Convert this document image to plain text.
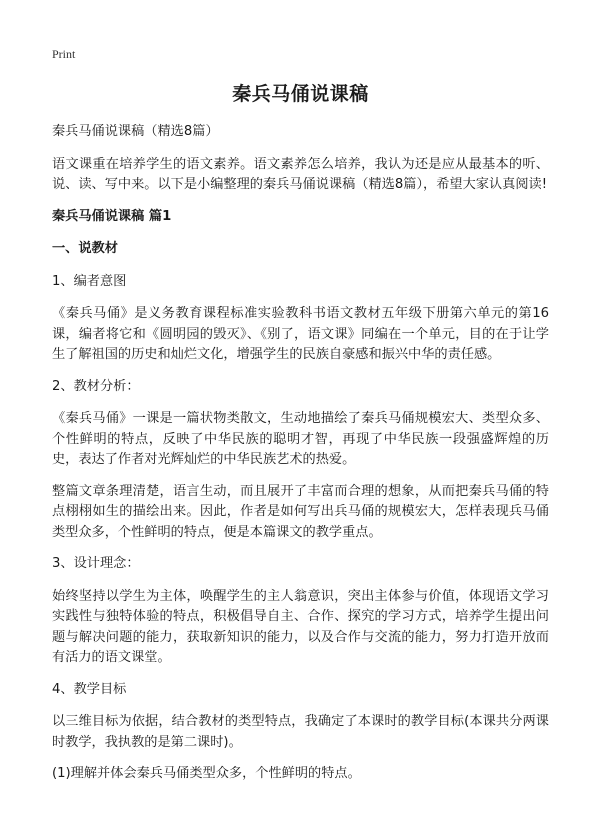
Print
秦兵马俑说课稿

秦兵马俑说课稿（精选8篇）

语文课重在培养学生的语文素养。语文素养怎么培养，我认为还是应从最基本的听、说、读、写中来。以下是小编整理的秦兵马俑说课稿（精选8篇），希望大家认真阅读!

秦兵马俑说课稿 篇1

一、说教材

1、编者意图

《秦兵马俑》是义务教育课程标准实验教科书语文教材五年级下册第六单元的第16课，编者将它和《圆明园的毁灭》、《别了，语文课》同编在一个单元，目的在于让学生了解祖国的历史和灿烂文化，增强学生的民族自豪感和振兴中华的责任感。

2、教材分析：

《秦兵马俑》一课是一篇状物类散文，生动地描绘了秦兵马俑规模宏大、类型众多、个性鲜明的特点，反映了中华民族的聪明才智，再现了中华民族一段强盛辉煌的历史，表达了作者对光辉灿烂的中华民族艺术的热爱。

整篇文章条理清楚，语言生动，而且展开了丰富而合理的想象，从而把秦兵马俑的特点栩栩如生的描绘出来。因此，作者是如何写出兵马俑的规模宏大，怎样表现兵马俑类型众多，个性鲜明的特点，便是本篇课文的教学重点。

3、设计理念：

始终坚持以学生为主体，唤醒学生的主人翁意识，突出主体参与价值，体现语文学习实践性与独特体验的特点，积极倡导自主、合作、探究的学习方式，培养学生提出问题与解决问题的能力，获取新知识的能力，以及合作与交流的能力，努力打造开放而有活力的语文课堂。

4、教学目标

以三维目标为依据，结合教材的类型特点，我确定了本课时的教学目标(本课共分两课时教学，我执教的是第二课时)。

(1)理解并体会秦兵马俑类型众多，个性鲜明的特点。
